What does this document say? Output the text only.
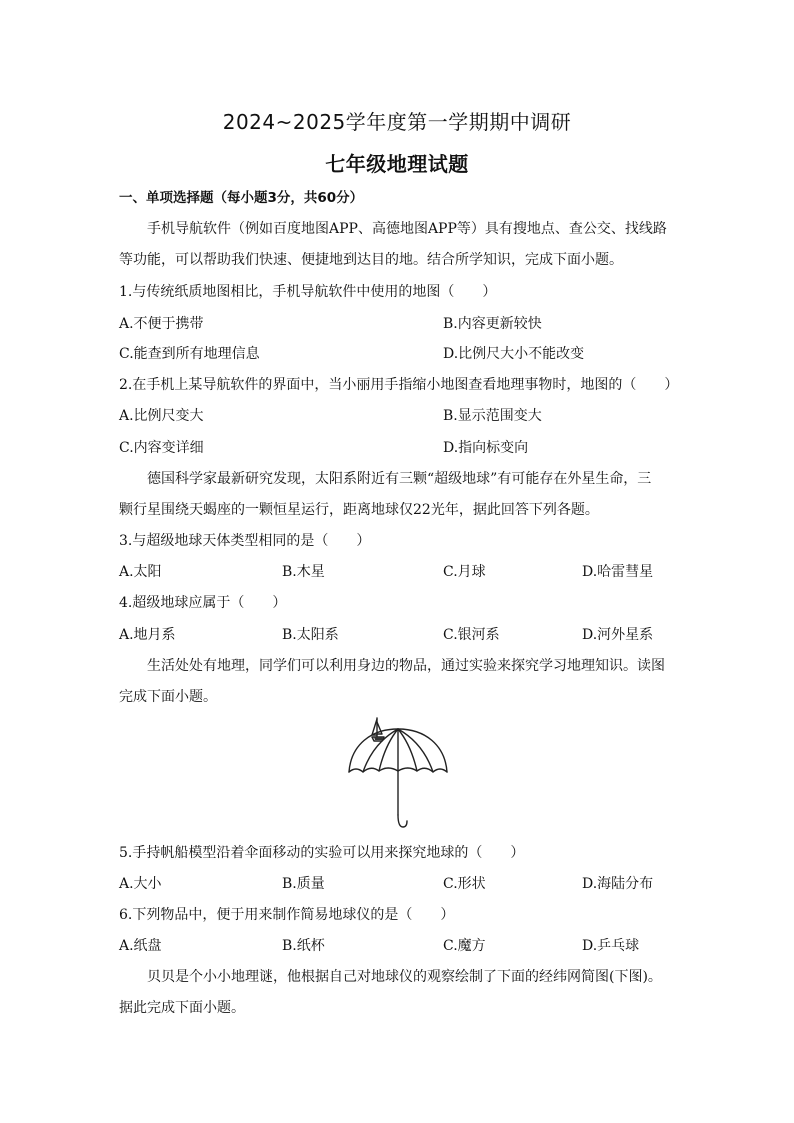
2024~2025学年度第一学期期中调研
七年级地理试题
一、单项选择题（每小题3分，共60分）
手机导航软件（例如百度地图APP、高德地图APP等）具有搜地点、查公交、找线路
等功能，可以帮助我们快速、便捷地到达目的地。结合所学知识，完成下面小题。
1.与传统纸质地图相比，手机导航软件中使用的地图（　　）
A.不便于携带	B.内容更新较快
C.能查到所有地理信息	D.比例尺大小不能改变
2.在手机上某导航软件的界面中，当小丽用手指缩小地图查看地理事物时，地图的（　　）
A.比例尺变大	B.显示范围变大
C.内容变详细	D.指向标变向
德国科学家最新研究发现，太阳系附近有三颗“超级地球”有可能存在外星生命，三
颗行星围绕天蝎座的一颗恒星运行，距离地球仅22光年，据此回答下列各题。
3.与超级地球天体类型相同的是（　　）
A.太阳	B.木星	C.月球	D.哈雷彗星
4.超级地球应属于（　　）
A.地月系	B.太阳系	C.银河系	D.河外星系
生活处处有地理，同学们可以利用身边的物品，通过实验来探究学习地理知识。读图
完成下面小题。
5.手持帆船模型沿着伞面移动的实验可以用来探究地球的（　　）
A.大小	B.质量	C.形状	D.海陆分布
6.下列物品中，便于用来制作简易地球仪的是（　　）
A.纸盘	B.纸杯	C.魔方	D.乒乓球
贝贝是个小小地理谜，他根据自己对地球仪的观察绘制了下面的经纬网简图(下图)。
据此完成下面小题。
